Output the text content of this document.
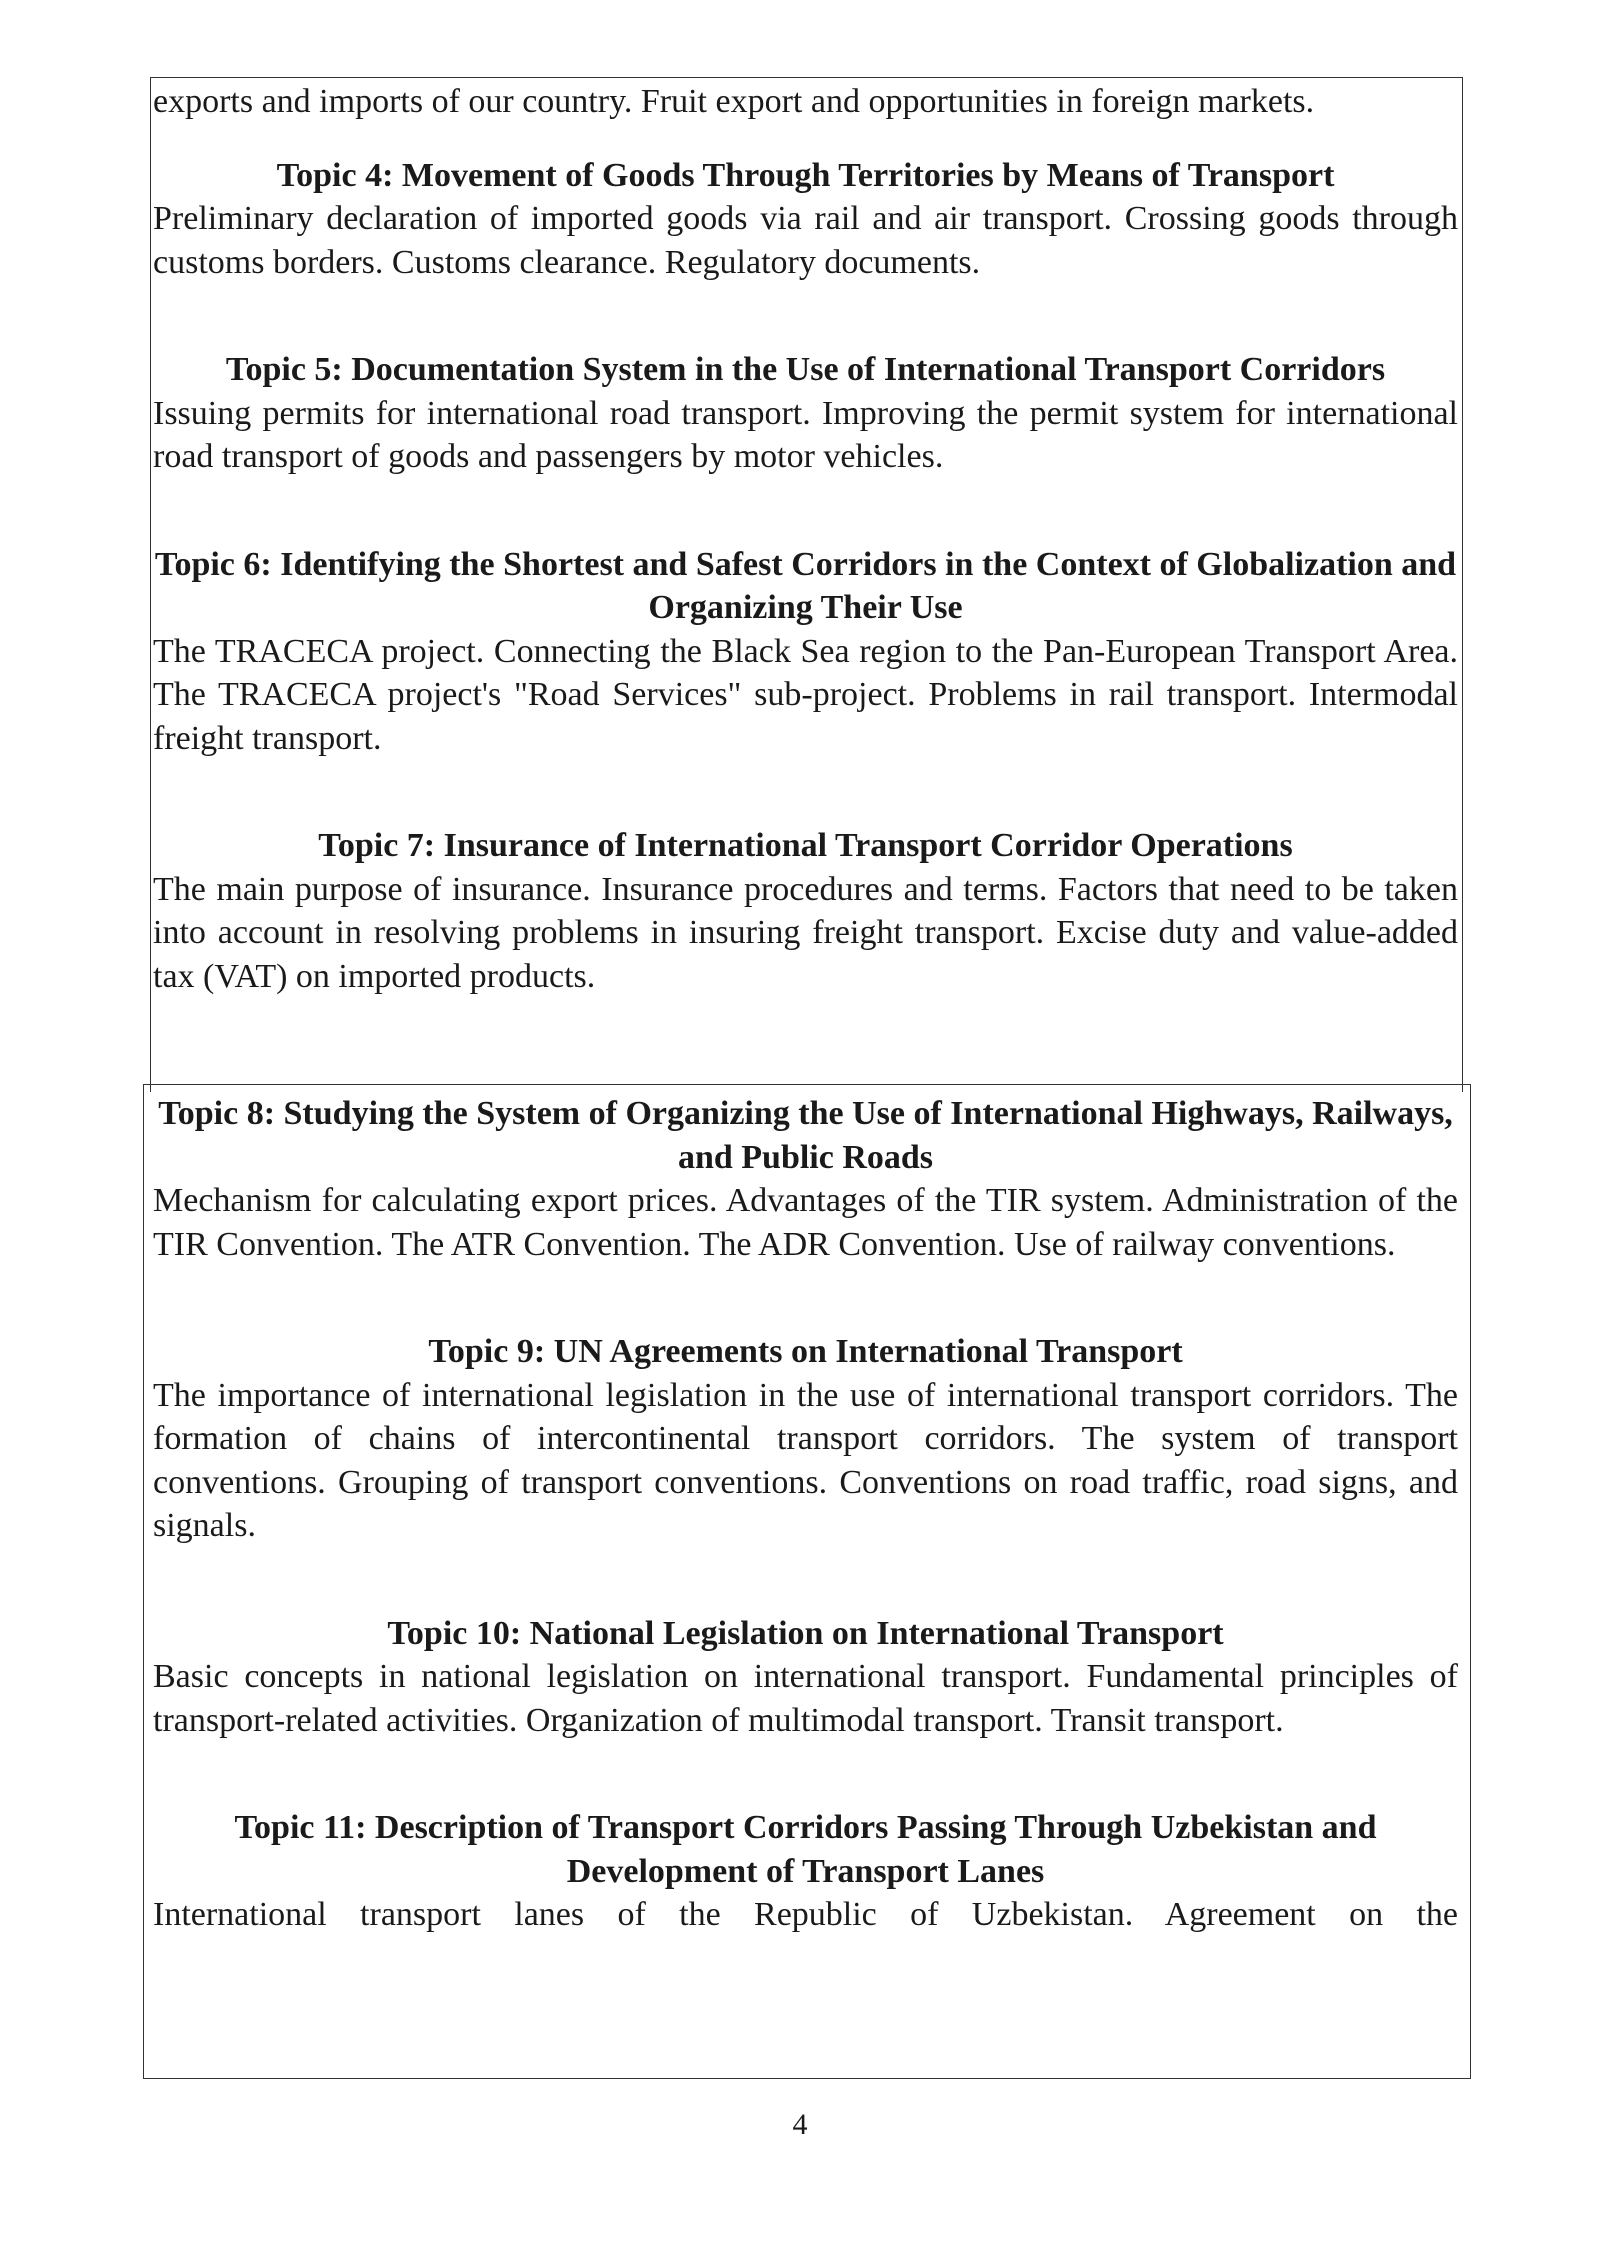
exports and imports of our country. Fruit export and opportunities in foreign markets.

Topic 4: Movement of Goods Through Territories by Means of Transport

Preliminary declaration of imported goods via rail and air transport. Crossing goods through customs borders. Customs clearance. Regulatory documents.

Topic 5: Documentation System in the Use of International Transport Corridors

Issuing permits for international road transport. Improving the permit system for international road transport of goods and passengers by motor vehicles.

Topic 6: Identifying the Shortest and Safest Corridors in the Context of Globalization and Organizing Their Use

The TRACECA project. Connecting the Black Sea region to the Pan-European Transport Area. The TRACECA project's "Road Services" sub-project. Problems in rail transport. Intermodal freight transport.

Topic 7: Insurance of International Transport Corridor Operations

The main purpose of insurance. Insurance procedures and terms. Factors that need to be taken into account in resolving problems in insuring freight transport. Excise duty and value-added tax (VAT) on imported products.

Topic 8: Studying the System of Organizing the Use of International Highways, Railways, and Public Roads

Mechanism for calculating export prices. Advantages of the TIR system. Administration of the TIR Convention. The ATR Convention. The ADR Convention. Use of railway conventions.

Topic 9: UN Agreements on International Transport

The importance of international legislation in the use of international transport corridors. The formation of chains of intercontinental transport corridors. The system of transport conventions. Grouping of transport conventions. Conventions on road traffic, road signs, and signals.

Topic 10: National Legislation on International Transport

Basic concepts in national legislation on international transport. Fundamental principles of transport-related activities. Organization of multimodal transport. Transit transport.

Topic 11: Description of Transport Corridors Passing Through Uzbekistan and Development of Transport Lanes

International transport lanes of the Republic of Uzbekistan. Agreement on the

4
